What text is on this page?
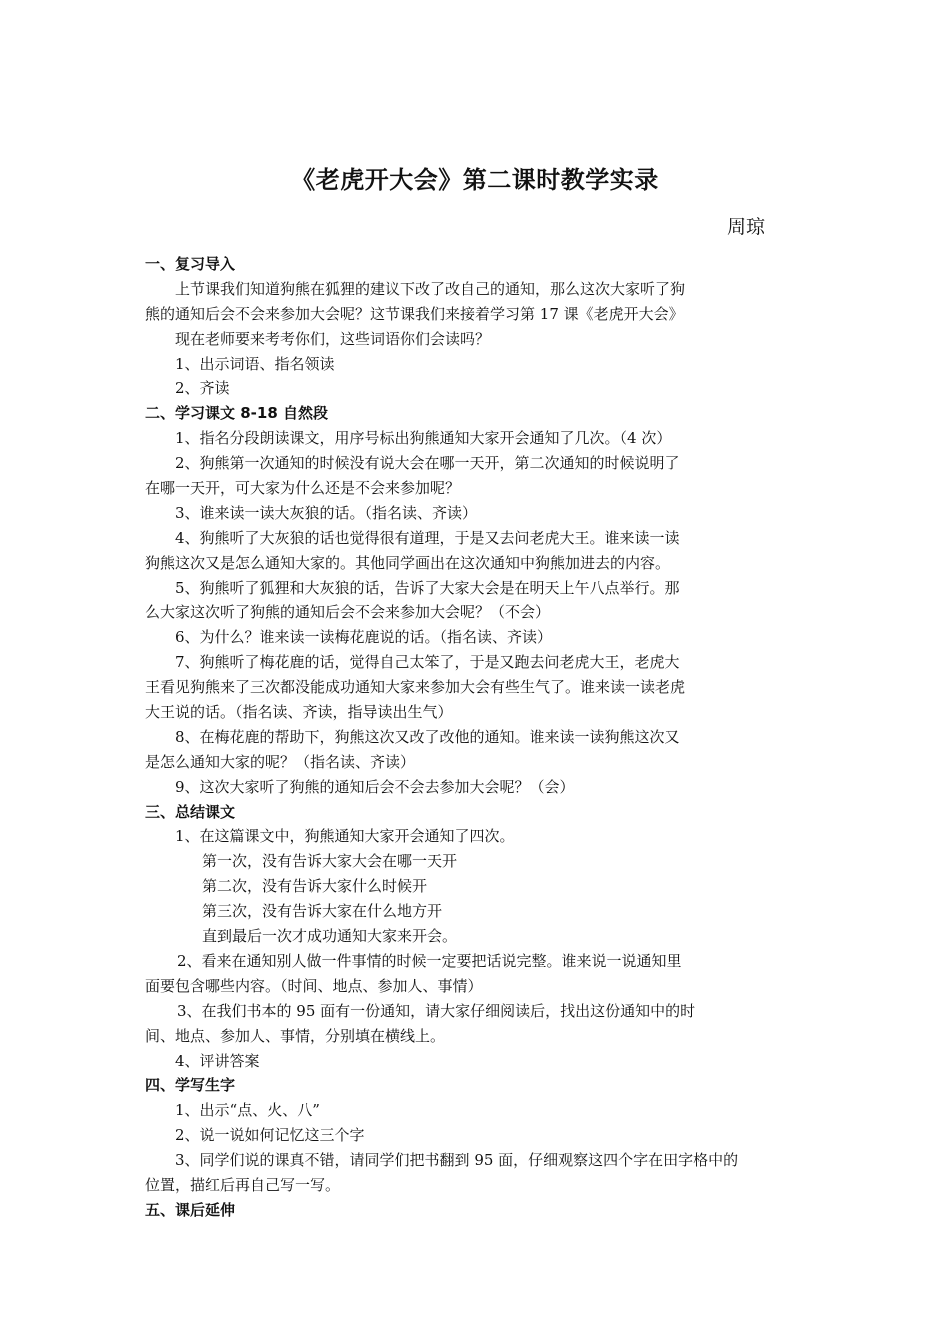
《老虎开大会》第二课时教学实录
周琼
一、复习导入
上节课我们知道狗熊在狐狸的建议下改了改自己的通知，那么这次大家听了狗
熊的通知后会不会来参加大会呢？这节课我们来接着学习第 17 课《老虎开大会》
现在老师要来考考你们，这些词语你们会读吗？
1、出示词语、指名领读
2、齐读
二、学习课文 8-18 自然段
1、指名分段朗读课文，用序号标出狗熊通知大家开会通知了几次。（4 次）
2、狗熊第一次通知的时候没有说大会在哪一天开，第二次通知的时候说明了
在哪一天开，可大家为什么还是不会来参加呢？
3、谁来读一读大灰狼的话。（指名读、齐读）
4、狗熊听了大灰狼的话也觉得很有道理，于是又去问老虎大王。谁来读一读
狗熊这次又是怎么通知大家的。其他同学画出在这次通知中狗熊加进去的内容。
5、狗熊听了狐狸和大灰狼的话，告诉了大家大会是在明天上午八点举行。那
么大家这次听了狗熊的通知后会不会来参加大会呢？（不会）
6、为什么？谁来读一读梅花鹿说的话。（指名读、齐读）
7、狗熊听了梅花鹿的话，觉得自己太笨了，于是又跑去问老虎大王，老虎大
王看见狗熊来了三次都没能成功通知大家来参加大会有些生气了。谁来读一读老虎
大王说的话。（指名读、齐读，指导读出生气）
8、在梅花鹿的帮助下，狗熊这次又改了改他的通知。谁来读一读狗熊这次又
是怎么通知大家的呢？（指名读、齐读）
9、这次大家听了狗熊的通知后会不会去参加大会呢？（会）
三、总结课文
1、在这篇课文中，狗熊通知大家开会通知了四次。
第一次，没有告诉大家大会在哪一天开
第二次，没有告诉大家什么时候开
第三次，没有告诉大家在什么地方开
直到最后一次才成功通知大家来开会。
2、看来在通知别人做一件事情的时候一定要把话说完整。谁来说一说通知里
面要包含哪些内容。（时间、地点、参加人、事情）
3、在我们书本的 95 面有一份通知，请大家仔细阅读后，找出这份通知中的时
间、地点、参加人、事情，分别填在横线上。
4、评讲答案
四、学写生字
1、出示“点、火、八”
2、说一说如何记忆这三个字
3、同学们说的课真不错，请同学们把书翻到 95 面，仔细观察这四个字在田字格中的
位置，描红后再自己写一写。
五、课后延伸
